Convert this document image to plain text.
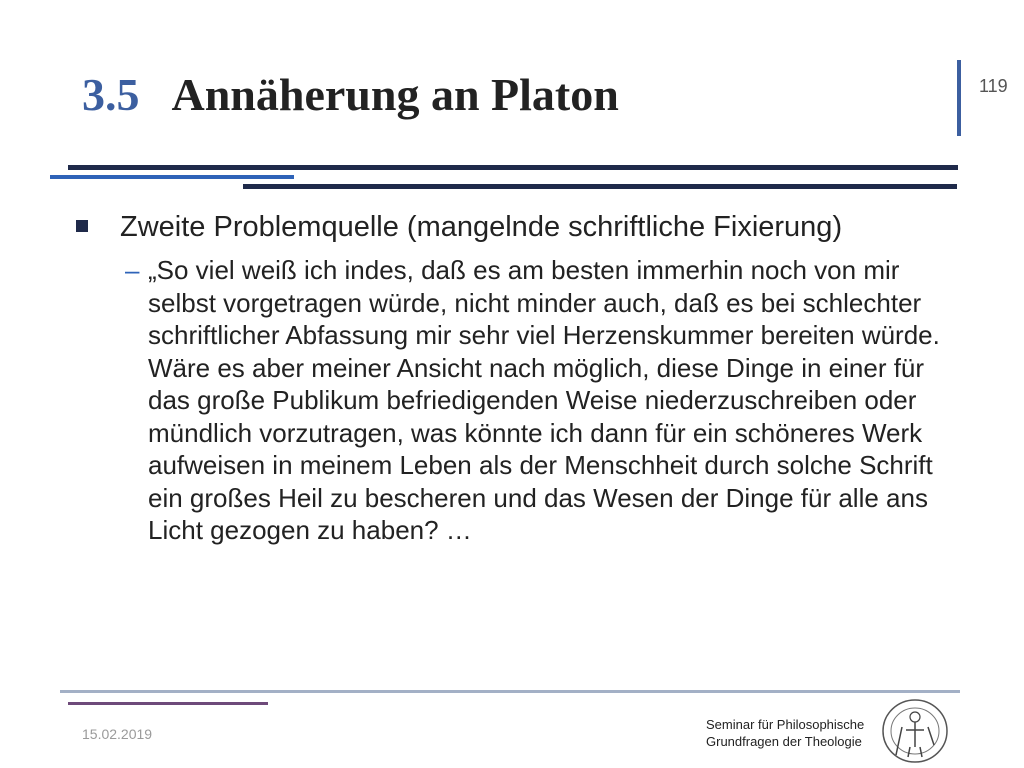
3.5 Annäherung an Platon	119
Zweite Problemquelle (mangelnde schriftliche Fixierung)
– „So viel weiß ich indes, daß es am besten immerhin noch von mir selbst vorgetragen würde, nicht minder auch, daß es bei schlechter schriftlicher Abfassung mir sehr viel Herzenskummer bereiten würde. Wäre es aber meiner Ansicht nach möglich, diese Dinge in einer für das große Publikum befriedigenden Weise niederzuschreiben oder mündlich vorzutragen, was könnte ich dann für ein schöneres Werk aufweisen in meinem Leben als der Menschheit durch solche Schrift ein großes Heil zu bescheren und das Wesen der Dinge für alle ans Licht gezogen zu haben? …
15.02.2019
Seminar für Philosophische
Grundfragen der Theologie
